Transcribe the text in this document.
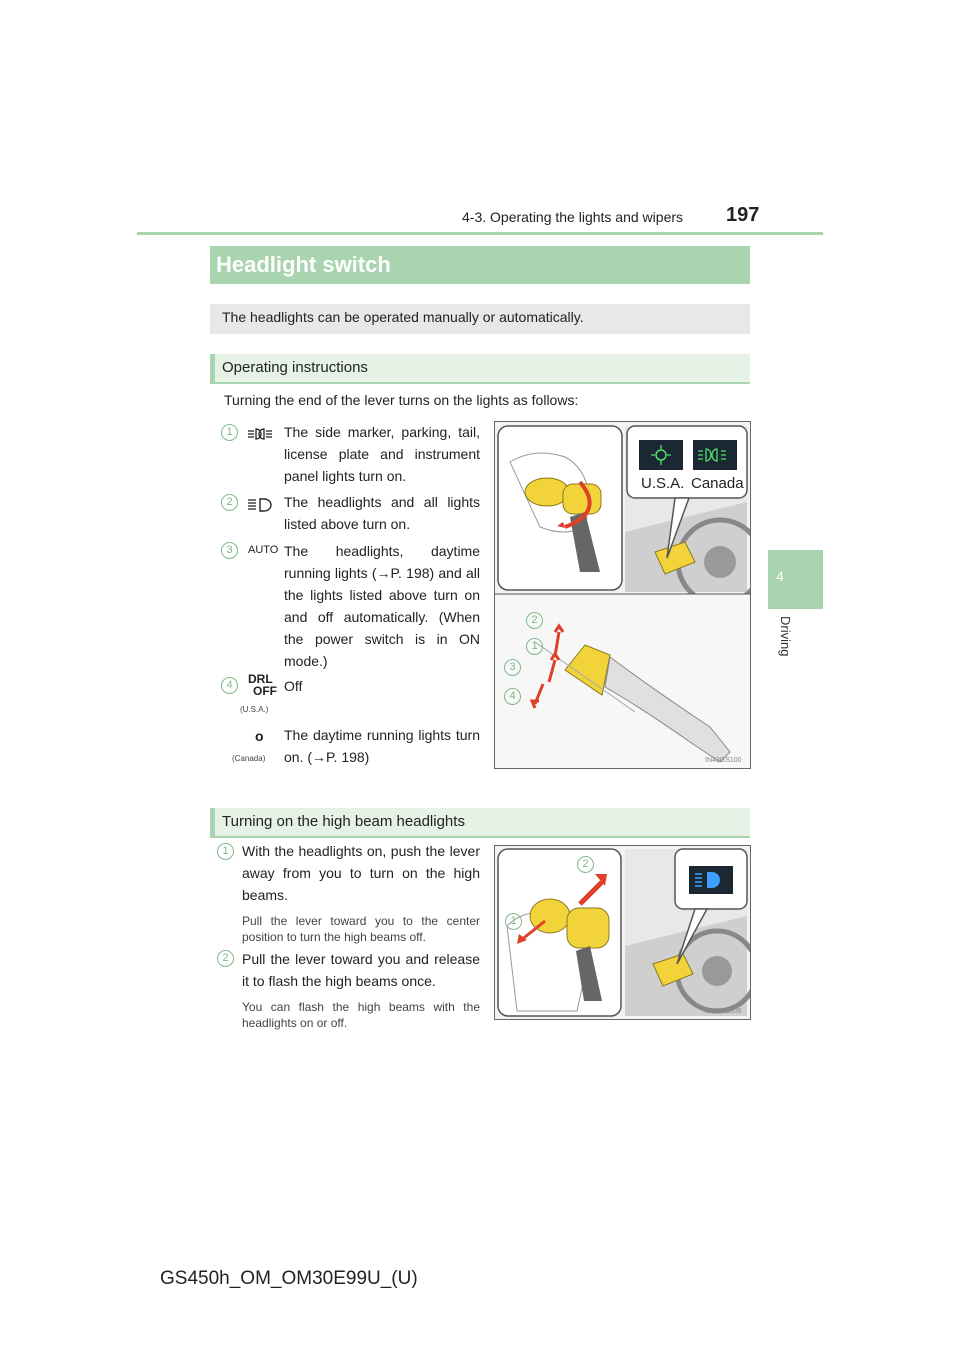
4-3. Operating the lights and wipers 197
4
Driving
Headlight switch
The headlights can be operated manually or automatically.
Operating instructions
Turning the end of the lever turns on the lights as follows:
1	The side marker, parking, tail, license plate and instrument panel lights turn on.
2	The headlights and all lights listed above turn on.
3	AUTO The headlights, daytime running lights (→P. 198) and all the lights listed above turn on and off automatically. (When the power switch is in ON mode.)
4	DRL
OFF
(U.S.A.)
Off
o
(Canada)
The daytime running lights turn on. (→P. 198)
U.S.A. Canada
2
1
3
4
IN43GS100
Turning on the high beam headlights
1 With the headlights on, push the lever away from you to turn on the high beams.
Pull the lever toward you to the center position to turn the high beams off.
2 Pull the lever toward you and release it to flash the high beams once.
You can flash the high beams with the headlights on or off.
2
1
IN43GS106
GS450h_OM_OM30E99U_(U)
